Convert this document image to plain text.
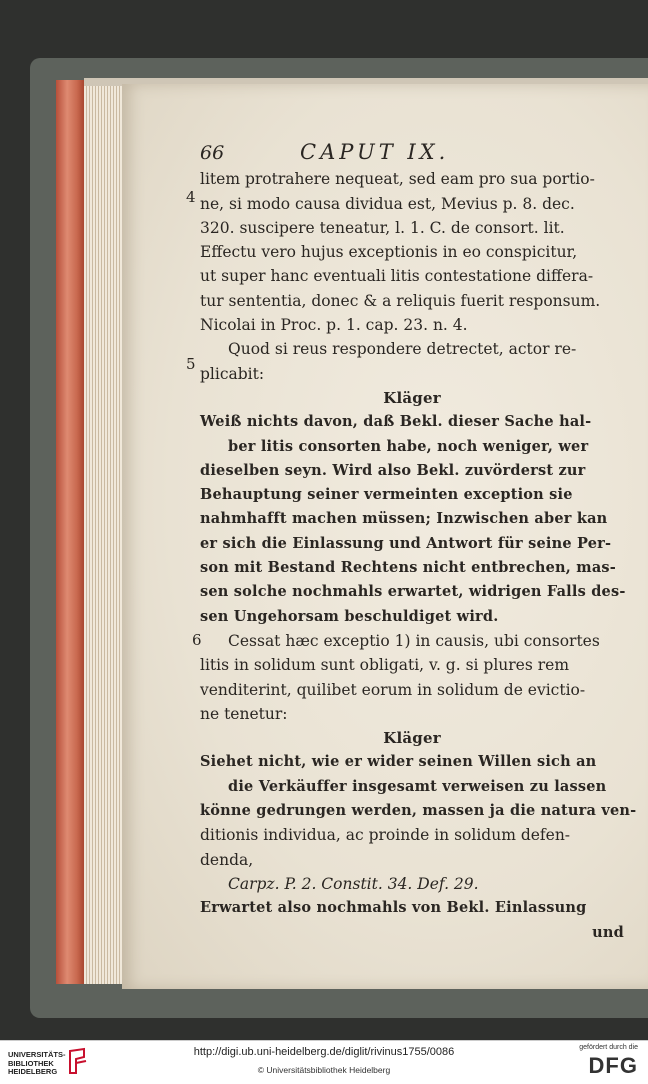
4
5
6
66	CAPUT IX.
litem protrahere nequeat, sed eam pro sua portio-
ne, si modo causa dividua est, Mevius p. 8. dec.
320. suscipere teneatur, l. 1. C. de consort. lit.
Effectu vero hujus exceptionis in eo conspicitur,
ut super hanc eventuali litis contestatione differa-
tur sententia, donec & a reliquis fuerit responsum.
Nicolai in Proc. p. 1. cap. 23. n. 4.
Quod si reus respondere detrectet, actor re-
plicabit:
Kläger
Weiß nichts davon, daß Bekl. dieser Sache hal-
ber litis consorten habe, noch weniger, wer
dieselben seyn. Wird also Bekl. zuvörderst zur
Behauptung seiner vermeinten exception sie
nahmhafft machen müssen; Inzwischen aber kan
er sich die Einlassung und Antwort für seine Per-
son mit Bestand Rechtens nicht entbrechen, mas-
sen solche nochmahls erwartet, widrigen Falls des-
sen Ungehorsam beschuldiget wird.
Cessat hæc exceptio 1) in causis, ubi consortes
litis in solidum sunt obligati, v. g. si plures rem
venditerint, quilibet eorum in solidum de evictio-
ne tenetur:
Kläger
Siehet nicht, wie er wider seinen Willen sich an
die Verkäuffer insgesamt verweisen zu lassen
könne gedrungen werden, massen ja die natura ven-
ditionis individua, ac proinde in solidum defen-
denda,
Carpz. P. 2. Constit. 34. Def. 29.
Erwartet also nochmahls von Bekl. Einlassung
und
UNIVERSITÄTS-
BIBLIOTHEK
HEIDELBERG
http://digi.ub.uni-heidelberg.de/diglit/rivinus1755/0086
© Universitätsbibliothek Heidelberg
gefördert durch die
DFG
